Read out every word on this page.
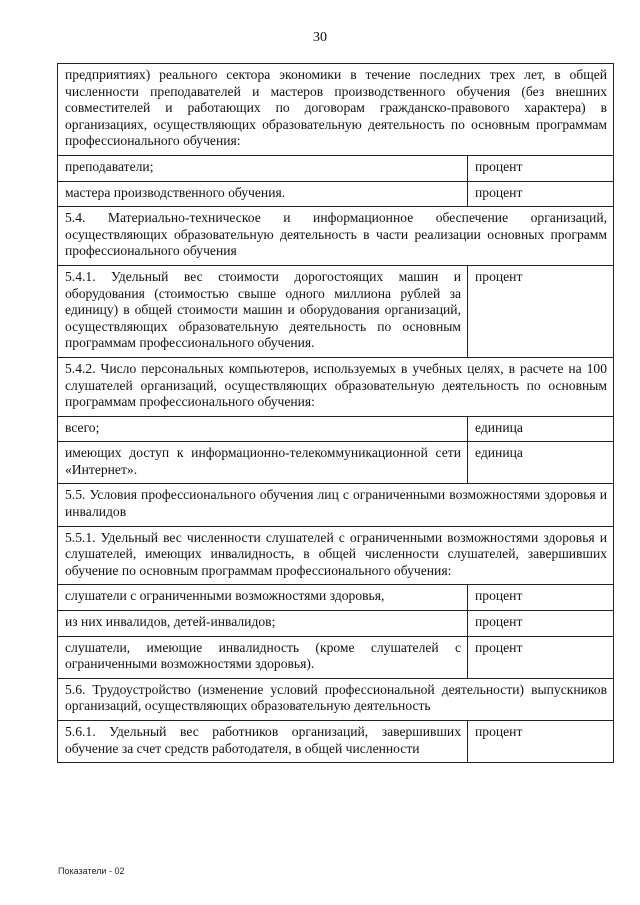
30
предприятиях) реального сектора экономики в течение последних трех лет, в общей численности преподавателей и мастеров производственного обучения (без внешних совместителей и работающих по договорам гражданско-правового характера) в организациях, осуществляющих образовательную деятельность по основным программам профессионального обучения:	
преподаватели;	процент
мастера производственного обучения.	процент
5.4. Материально-техническое и информационное обеспечение организаций, осуществляющих образовательную деятельность в части реализации основных программ профессионального обучения	
5.4.1. Удельный вес стоимости дорогостоящих машин и оборудования (стоимостью свыше одного миллиона рублей за единицу) в общей стоимости машин и оборудования организаций, осуществляющих образовательную деятельность по основным программам профессионального обучения.	процент
5.4.2. Число персональных компьютеров, используемых в учебных целях, в расчете на 100 слушателей организаций, осуществляющих образовательную деятельность по основным программам профессионального обучения:	
всего;	единица
имеющих доступ к информационно-телекоммуникационной сети «Интернет».	единица
5.5. Условия профессионального обучения лиц с ограниченными возможностями здоровья и инвалидов	
5.5.1. Удельный вес численности слушателей с ограниченными возможностями здоровья и слушателей, имеющих инвалидность, в общей численности слушателей, завершивших обучение по основным программам профессионального обучения:	
слушатели с ограниченными возможностями здоровья,	процент
из них инвалидов, детей-инвалидов;	процент
слушатели, имеющие инвалидность (кроме слушателей с ограниченными возможностями здоровья).	процент
5.6. Трудоустройство (изменение условий профессиональной деятельности) выпускников организаций, осуществляющих образовательную деятельность	
5.6.1. Удельный вес работников организаций, завершивших обучение за счет средств работодателя, в общей численности	процент
Показатели - 02
